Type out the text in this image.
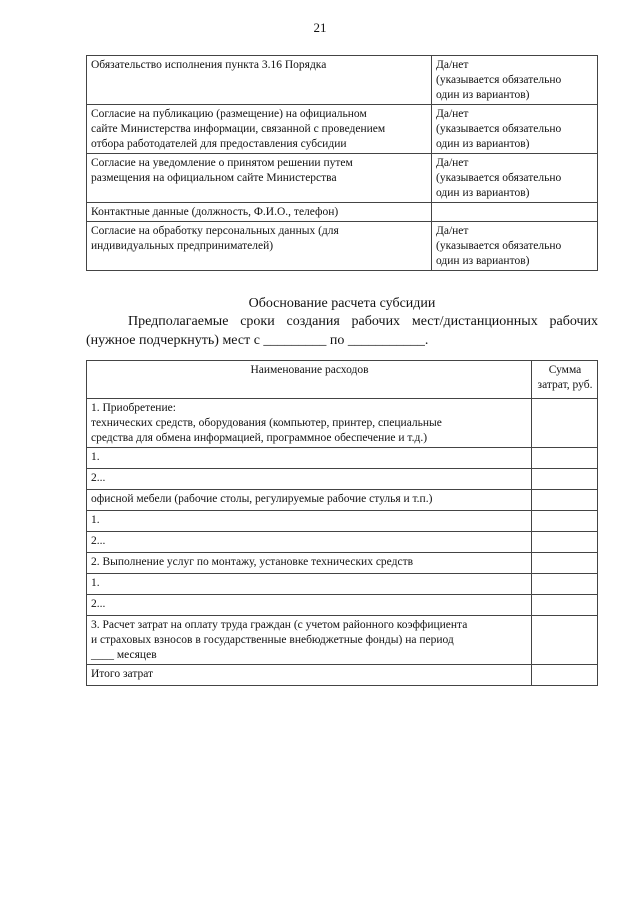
21
Обязательство исполнения пункта 3.16 Порядка	Да/нет
(указывается обязательно
один из вариантов)

Согласие на публикацию (размещение) на официальном
сайте Министерства информации, связанной с проведением
отбора работодателей для предоставления субсидии	Да/нет
(указывается обязательно
один из вариантов)

Согласие на уведомление о принятом решении путем
размещения на официальном сайте Министерства	Да/нет
(указывается обязательно
один из вариантов)

Контактные данные (должность, Ф.И.О., телефон)	

Согласие на обработку персональных данных (для
индивидуальных предпринимателей)	Да/нет
(указывается обязательно
один из вариантов)
Обоснование расчета субсидии
Предполагаемые сроки создания рабочих мест/дистанционных рабочих (нужное подчеркнуть) мест с _________ по ___________.
Наименование расходов	Сумма
затрат, руб.

1. Приобретение:
технических средств, оборудования (компьютер, принтер, специальные
средства для обмена информацией, программное обеспечение и т.д.)	

1.	

2...	

офисной мебели (рабочие столы, регулируемые рабочие стулья и т.п.)	

1.	

2...	

2. Выполнение услуг по монтажу, установке технических средств	

1.	

2...	

3. Расчет затрат на оплату труда граждан (с учетом районного коэффициента
и страховых взносов в государственные внебюджетные фонды) на период
____ месяцев	

Итого затрат	
